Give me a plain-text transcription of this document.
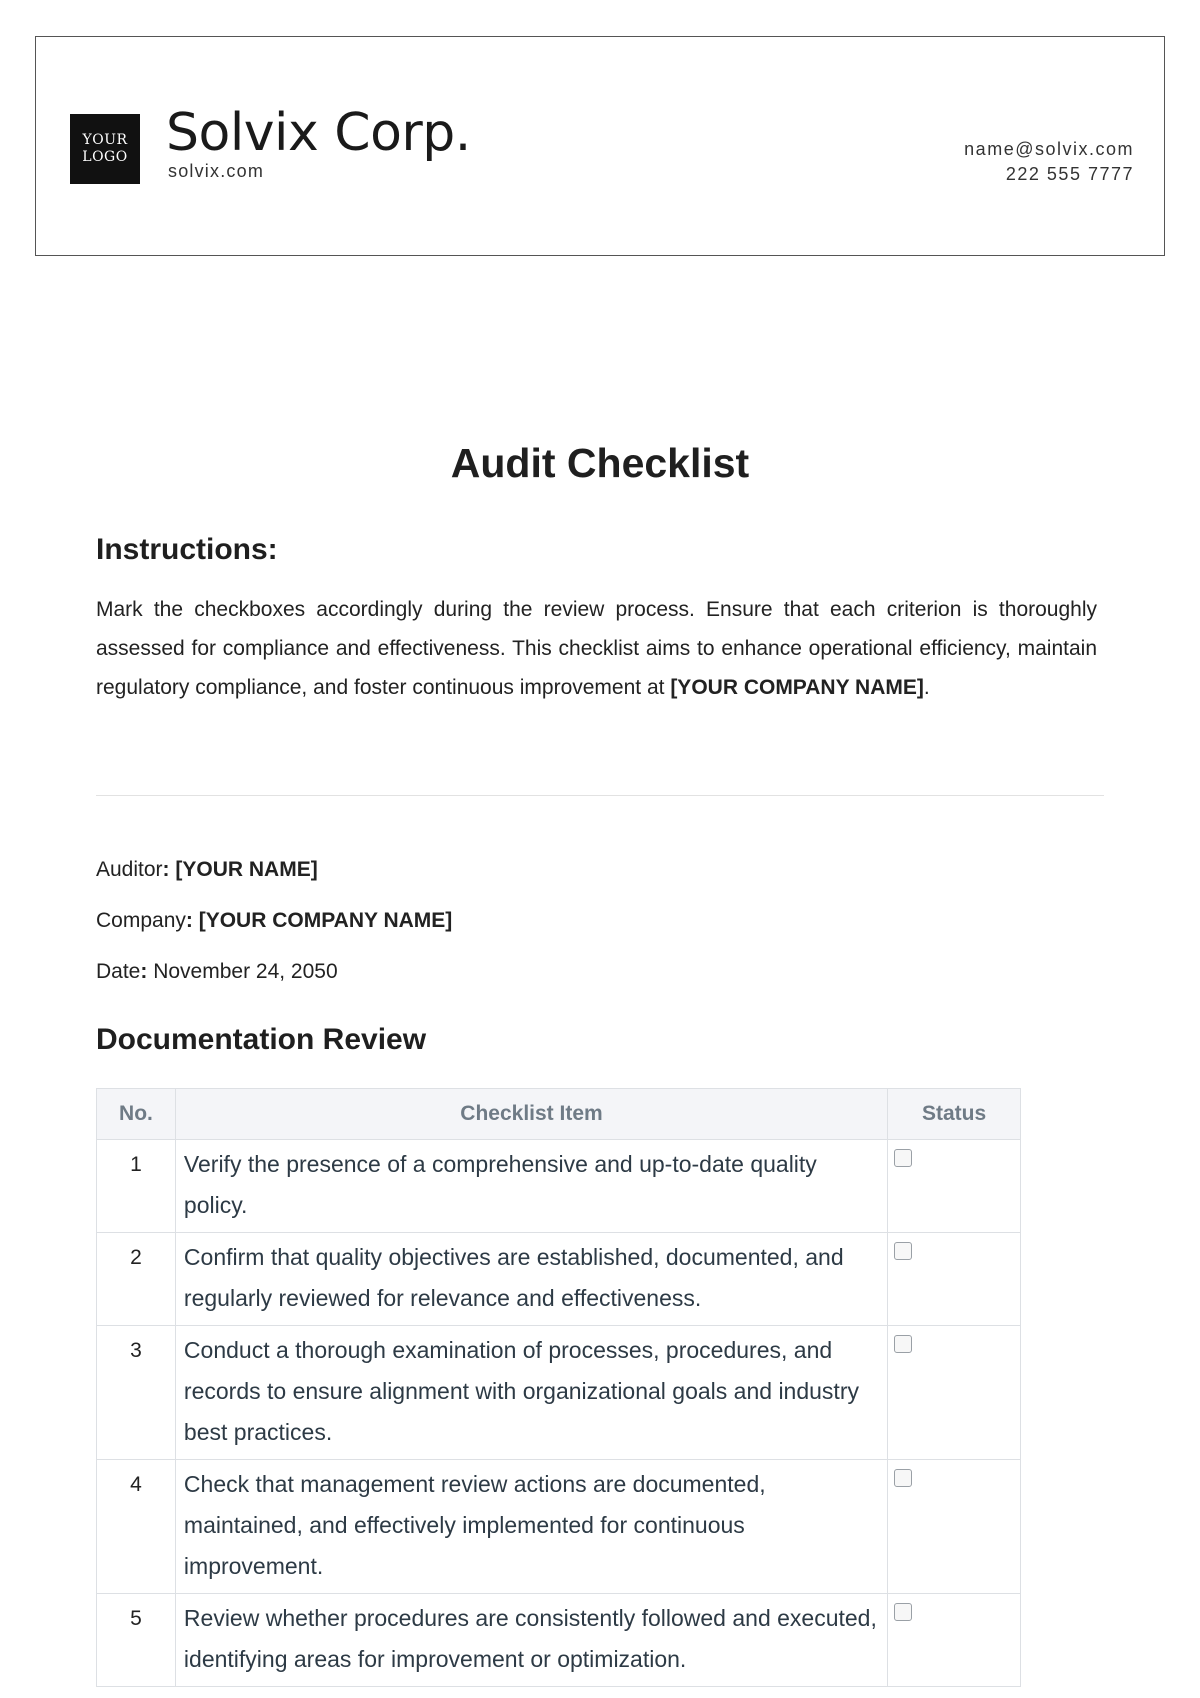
YOUR
LOGO Solvix Corp.
solvix.com
name@solvix.com
222 555 7777
Audit Checklist
Instructions:

Mark the checkboxes accordingly during the review process. Ensure that each criterion is thoroughly assessed for compliance and effectiveness. This checklist aims to enhance operational efficiency, maintain regulatory compliance, and foster continuous improvement at [YOUR COMPANY NAME].

Auditor: [YOUR NAME]
Company: [YOUR COMPANY NAME]
Date: November 24, 2050
Documentation Review
No.	Checklist Item	Status
1	Verify the presence of a comprehensive and up-to-date quality policy.	

2	Confirm that quality objectives are established, documented, and regularly reviewed for relevance and effectiveness.	

3	Conduct a thorough examination of processes, procedures, and records to ensure alignment with organizational goals and industry best practices.	

4	Check that management review actions are documented, maintained, and effectively implemented for continuous improvement.	

5	Review whether procedures are consistently followed and executed, identifying areas for improvement or optimization.	
